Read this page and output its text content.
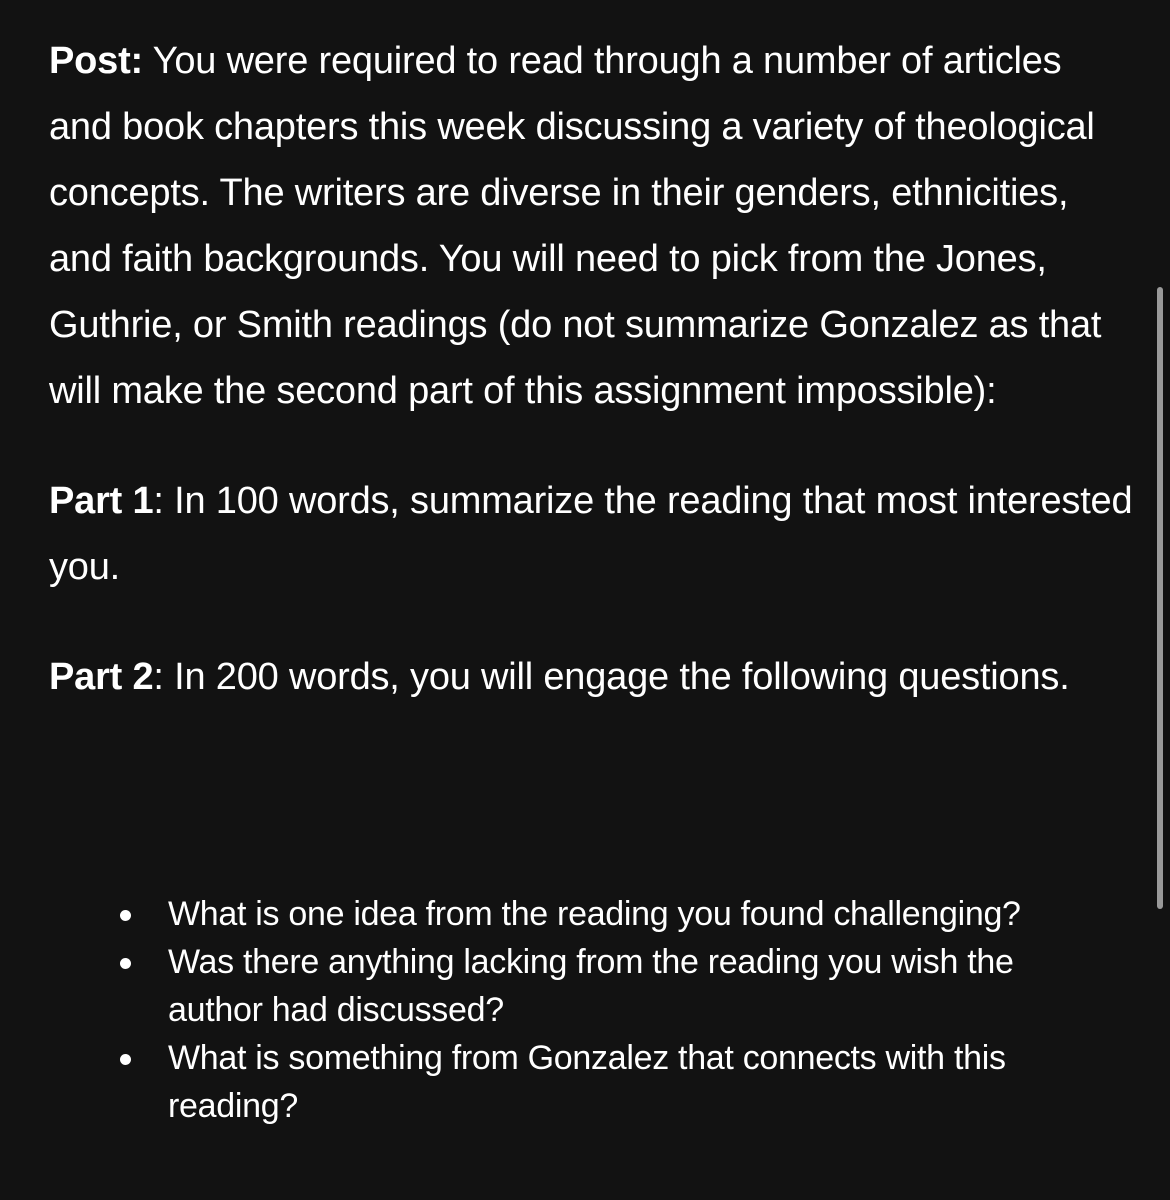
Post: You were required to read through a number of articles and book chapters this week discussing a variety of theological concepts. The writers are diverse in their genders, ethnicities, and faith backgrounds. You will need to pick from the Jones, Guthrie, or Smith readings (do not summarize Gonzalez as that will make the second part of this assignment impossible):

Part 1: In 100 words, summarize the reading that most interested you.

Part 2: In 200 words, you will engage the following questions.

What is one idea from the reading you found challenging?
Was there anything lacking from the reading you wish the author had discussed?
What is something from Gonzalez that connects with this reading?
